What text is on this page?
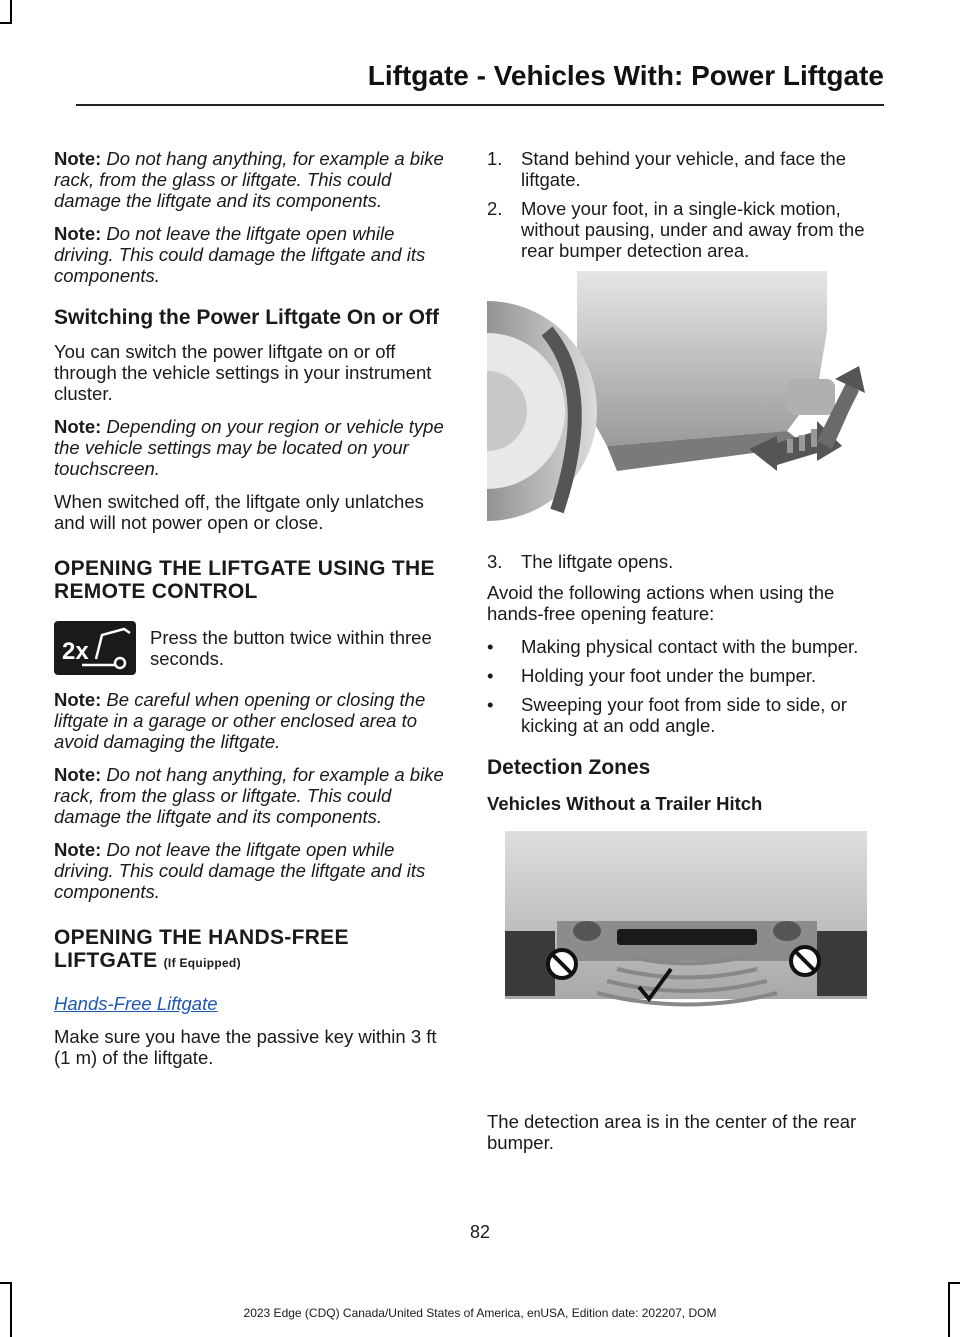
Liftgate - Vehicles With: Power Liftgate

Note: Do not hang anything, for example a bike rack, from the glass or liftgate. This could damage the liftgate and its components.

Note: Do not leave the liftgate open while driving. This could damage the liftgate and its components.

Switching the Power Liftgate On or Off

You can switch the power liftgate on or off through the vehicle settings in your instrument cluster.

Note: Depending on your region or vehicle type the vehicle settings may be located on your touchscreen.

When switched off, the liftgate only unlatches and will not power open or close.

OPENING THE LIFTGATE USING THE REMOTE CONTROL
2x

Press the button twice within three seconds.

Note: Be careful when opening or closing the liftgate in a garage or other enclosed area to avoid damaging the liftgate.

Note: Do not hang anything, for example a bike rack, from the glass or liftgate. This could damage the liftgate and its components.

Note: Do not leave the liftgate open while driving. This could damage the liftgate and its components.

OPENING THE HANDS-FREE LIFTGATE (If Equipped)

Hands-Free Liftgate

Make sure you have the passive key within 3 ft (1 m) of the liftgate.

1. Stand behind your vehicle, and face the liftgate.
2. Move your foot, in a single-kick motion, without pausing, under and away from the rear bumper detection area.
3. The liftgate opens.

Avoid the following actions when using the hands-free opening feature:

• Making physical contact with the bumper.
• Holding your foot under the bumper.
• Sweeping your foot from side to side, or kicking at an odd angle.
Detection Zones
Vehicles Without a Trailer Hitch

The detection area is in the center of the rear bumper.

82
2023 Edge (CDQ) Canada/United States of America, enUSA, Edition date: 202207, DOM
